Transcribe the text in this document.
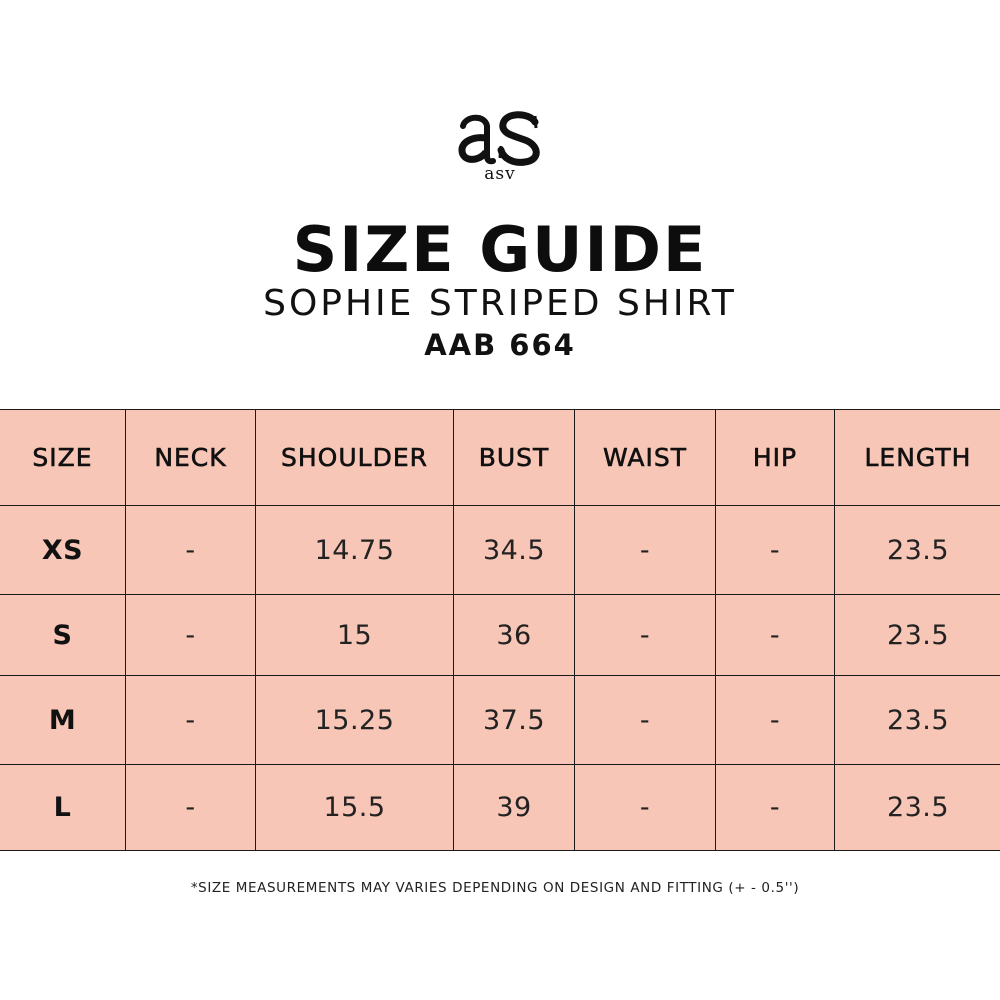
asv
SIZE GUIDE
SOPHIE STRIPED SHIRT
AAB 664
SIZE	NECK	SHOULDER	BUST	WAIST	HIP	LENGTH
XS	-	14.75	34.5	-	-	23.5
S	-	15	36	-	-	23.5
M	-	15.25	37.5	-	-	23.5
L	-	15.5	39	-	-	23.5
*SIZE MEASUREMENTS MAY VARIES DEPENDING ON DESIGN AND FITTING (+ - 0.5'')
